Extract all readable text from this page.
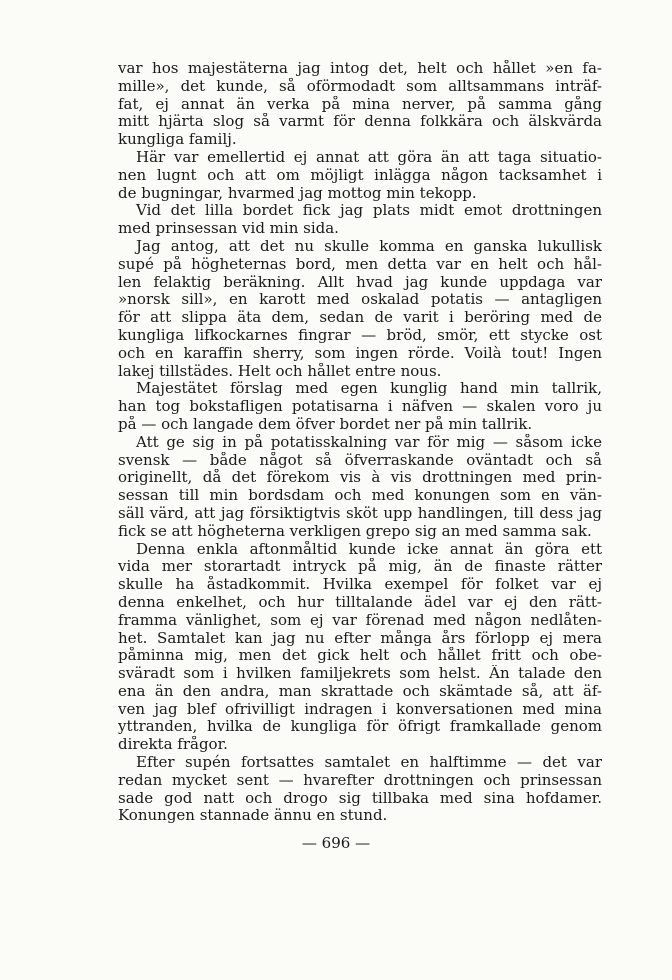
var hos majestäterna jag intog det, helt och hållet »en fa-
mille», det kunde, så oförmodadt som alltsammans inträf-
fat, ej annat än verka på mina nerver, på samma gång
mitt hjärta slog så varmt för denna folkkära och älskvärda
kungliga familj.
Här var emellertid ej annat att göra än att taga situatio-
nen lugnt och att om möjligt inlägga någon tacksamhet i
de bugningar, hvarmed jag mottog min tekopp.
Vid det lilla bordet fick jag plats midt emot drottningen
med prinsessan vid min sida.
Jag antog, att det nu skulle komma en ganska lukullisk
supé på högheternas bord, men detta var en helt och hål-
len felaktig beräkning. Allt hvad jag kunde uppdaga var
»norsk sill», en karott med oskalad potatis — antagligen
för att slippa äta dem, sedan de varit i beröring med de
kungliga lifkockarnes fingrar — bröd, smör, ett stycke ost
och en karaffin sherry, som ingen rörde. Voilà tout! Ingen
lakej tillstädes. Helt och hållet entre nous.
Majestätet förslag med egen kunglig hand min tallrik,
han tog bokstafligen potatisarna i näfven — skalen voro ju
på — och langade dem öfver bordet ner på min tallrik.
Att ge sig in på potatisskalning var för mig — såsom icke
svensk — både något så öfverraskande oväntadt och så
originellt, då det förekom vis à vis drottningen med prin-
sessan till min bordsdam och med konungen som en vän-
säll värd, att jag försiktigtvis sköt upp handlingen, till dess jag
fick se att högheterna verkligen grepo sig an med samma sak.
Denna enkla aftonmåltid kunde icke annat än göra ett
vida mer storartadt intryck på mig, än de finaste rätter
skulle ha åstadkommit. Hvilka exempel för folket var ej
denna enkelhet, och hur tilltalande ädel var ej den rätt-
framma vänlighet, som ej var förenad med någon nedlåten-
het. Samtalet kan jag nu efter många års förlopp ej mera
påminna mig, men det gick helt och hållet fritt och obe-
sväradt som i hvilken familjekrets som helst. Än talade den
ena än den andra, man skrattade och skämtade så, att äf-
ven jag blef ofrivilligt indragen i konversationen med mina
yttranden, hvilka de kungliga för öfrigt framkallade genom
direkta frågor.
Efter supén fortsattes samtalet en halftimme — det var
redan mycket sent — hvarefter drottningen och prinsessan
sade god natt och drogo sig tillbaka med sina hofdamer.
Konungen stannade ännu en stund.
— 696 —
